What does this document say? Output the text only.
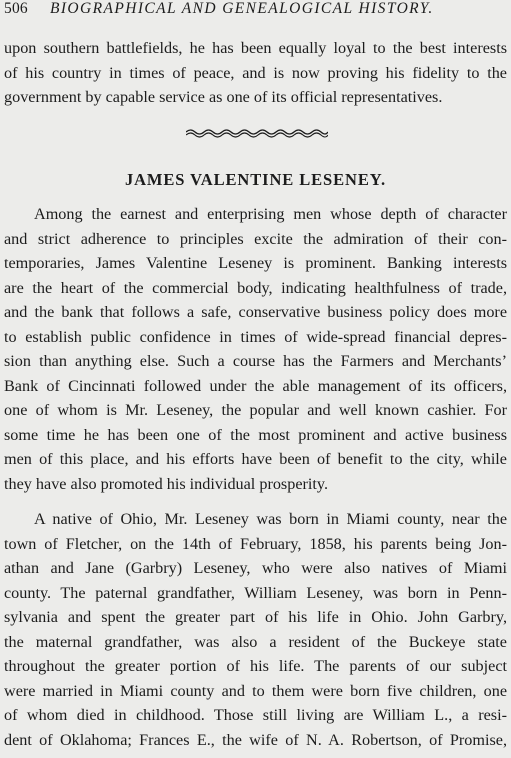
506 BIOGRAPHICAL AND GENEALOGICAL HISTORY.
upon southern battlefields, he has been equally loyal to the best interests
of his country in times of peace, and is now proving his fidelity to the
government by capable service as one of its official representatives.
JAMES VALENTINE LESENEY.
Among the earnest and enterprising men whose depth of character
and strict adherence to principles excite the admiration of their con-
temporaries, James Valentine Leseney is prominent. Banking interests
are the heart of the commercial body, indicating healthfulness of trade,
and the bank that follows a safe, conservative business policy does more
to establish public confidence in times of wide-spread financial depres-
sion than anything else. Such a course has the Farmers and Merchants’
Bank of Cincinnati followed under the able management of its officers,
one of whom is Mr. Leseney, the popular and well known cashier. For
some time he has been one of the most prominent and active business
men of this place, and his efforts have been of benefit to the city, while
they have also promoted his individual prosperity.
A native of Ohio, Mr. Leseney was born in Miami county, near the
town of Fletcher, on the 14th of February, 1858, his parents being Jon-
athan and Jane (Garbry) Leseney, who were also natives of Miami
county. The paternal grandfather, William Leseney, was born in Penn-
sylvania and spent the greater part of his life in Ohio. John Garbry,
the maternal grandfather, was also a resident of the Buckeye state
throughout the greater portion of his life. The parents of our subject
were married in Miami county and to them were born five children, one
of whom died in childhood. Those still living are William L., a resi-
dent of Oklahoma; Frances E., the wife of N. A. Robertson, of Promise,
